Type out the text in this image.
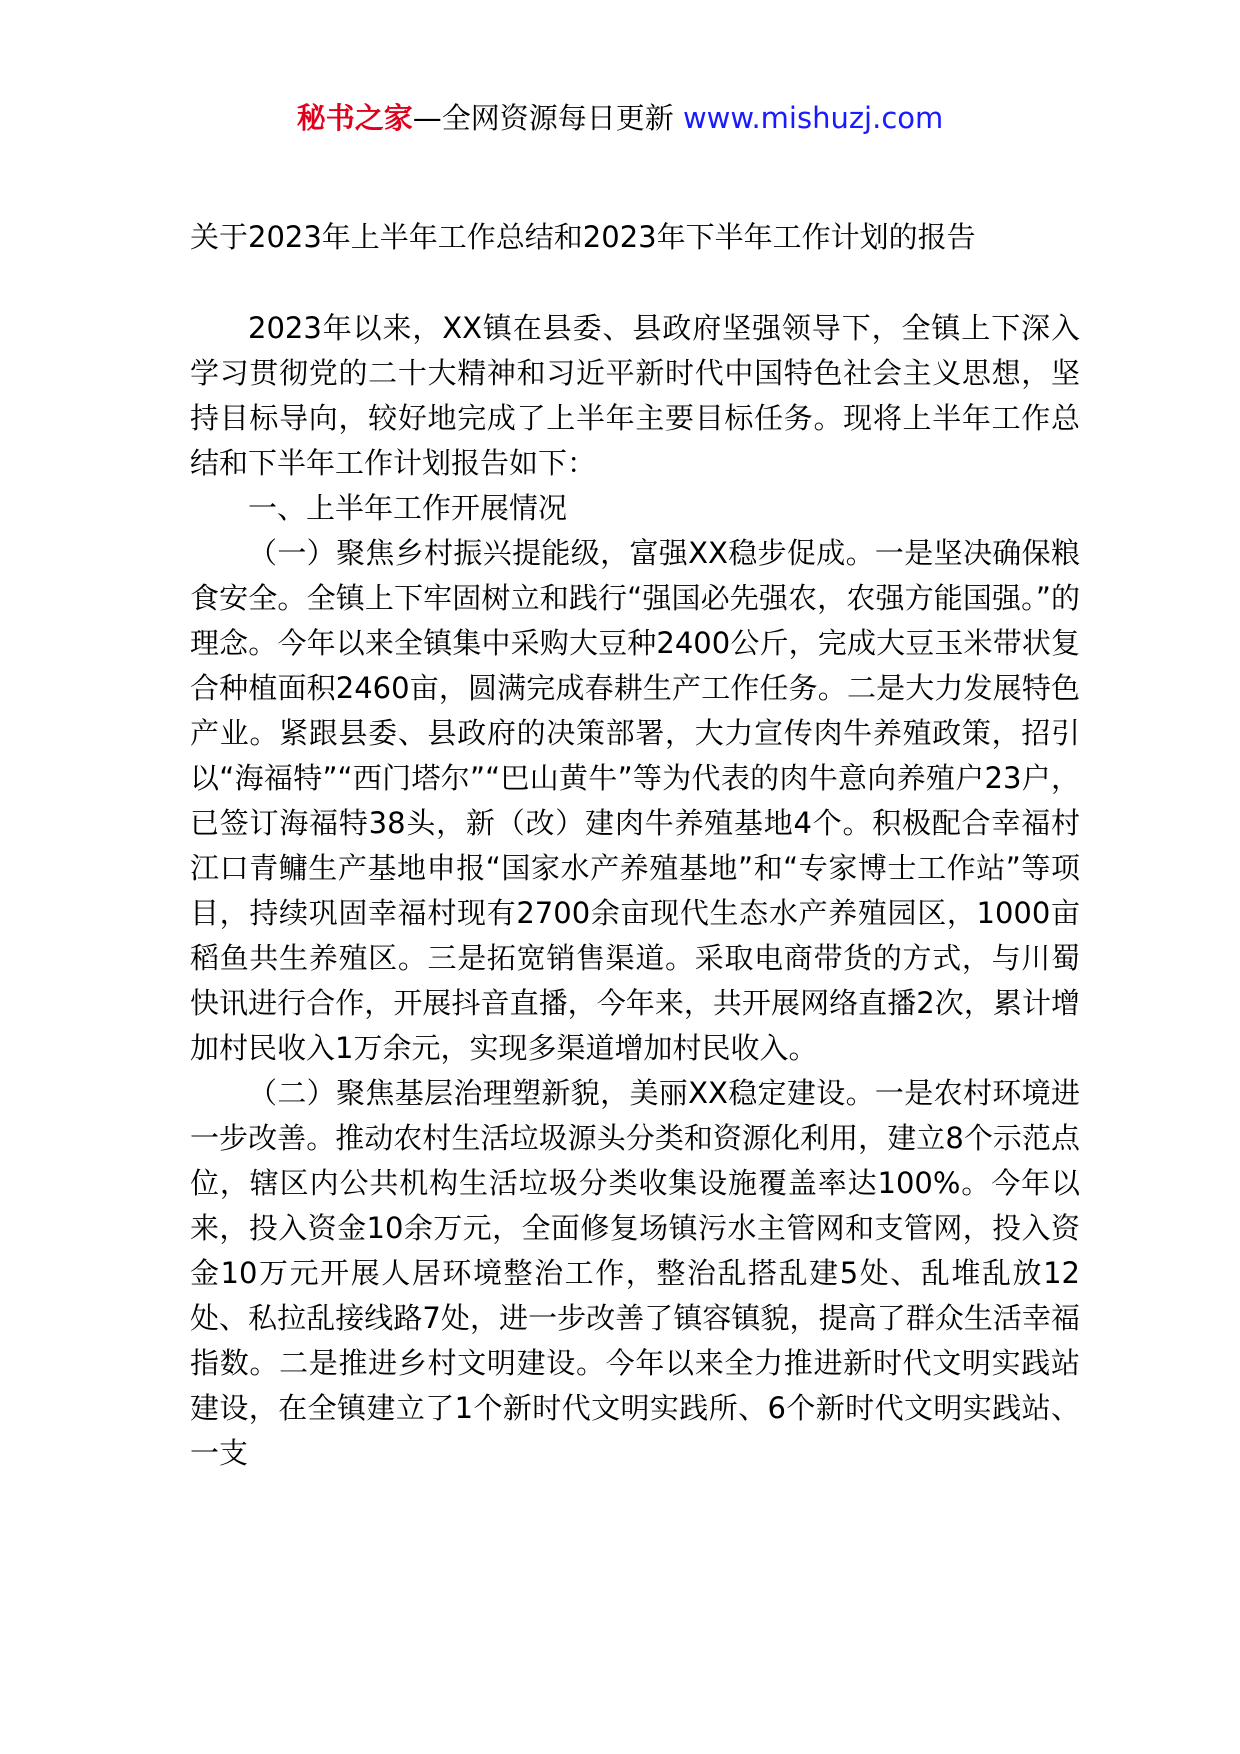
秘书之家—全网资源每日更新 www.mishuzj.com
关于2023年上半年工作总结和2023年下半年工作计划的报告

2023年以来，XX镇在县委、县政府坚强领导下，全镇上下深入学习贯彻党的二十大精神和习近平新时代中国特色社会主义思想，坚持目标导向，较好地完成了上半年主要目标任务。现将上半年工作总结和下半年工作计划报告如下：

一、上半年工作开展情况

（一）聚焦乡村振兴提能级，富强XX稳步促成。一是坚决确保粮食安全。全镇上下牢固树立和践行“强国必先强农，农强方能国强。”的理念。今年以来全镇集中采购大豆种2400公斤，完成大豆玉米带状复合种植面积2460亩，圆满完成春耕生产工作任务。二是大力发展特色产业。紧跟县委、县政府的决策部署，大力宣传肉牛养殖政策，招引以“海福特”“西门塔尔”“巴山黄牛”等为代表的肉牛意向养殖户23户，已签订海福特38头，新（改）建肉牛养殖基地4个。积极配合幸福村江口青鳙生产基地申报“国家水产养殖基地”和“专家博士工作站”等项目，持续巩固幸福村现有2700余亩现代生态水产养殖园区，1000亩稻鱼共生养殖区。三是拓宽销售渠道。采取电商带货的方式，与川蜀快讯进行合作，开展抖音直播，今年来，共开展网络直播2次，累计增加村民收入1万余元，实现多渠道增加村民收入。

（二）聚焦基层治理塑新貌，美丽XX稳定建设。一是农村环境进一步改善。推动农村生活垃圾源头分类和资源化利用，建立8个示范点位，辖区内公共机构生活垃圾分类收集设施覆盖率达100%。今年以来，投入资金10余万元，全面修复场镇污水主管网和支管网，投入资金10万元开展人居环境整治工作，整治乱搭乱建5处、乱堆乱放12处、私拉乱接线路7处，进一步改善了镇容镇貌，提高了群众生活幸福指数。二是推进乡村文明建设。今年以来全力推进新时代文明实践站建设，在全镇建立了1个新时代文明实践所、6个新时代文明实践站、一支
